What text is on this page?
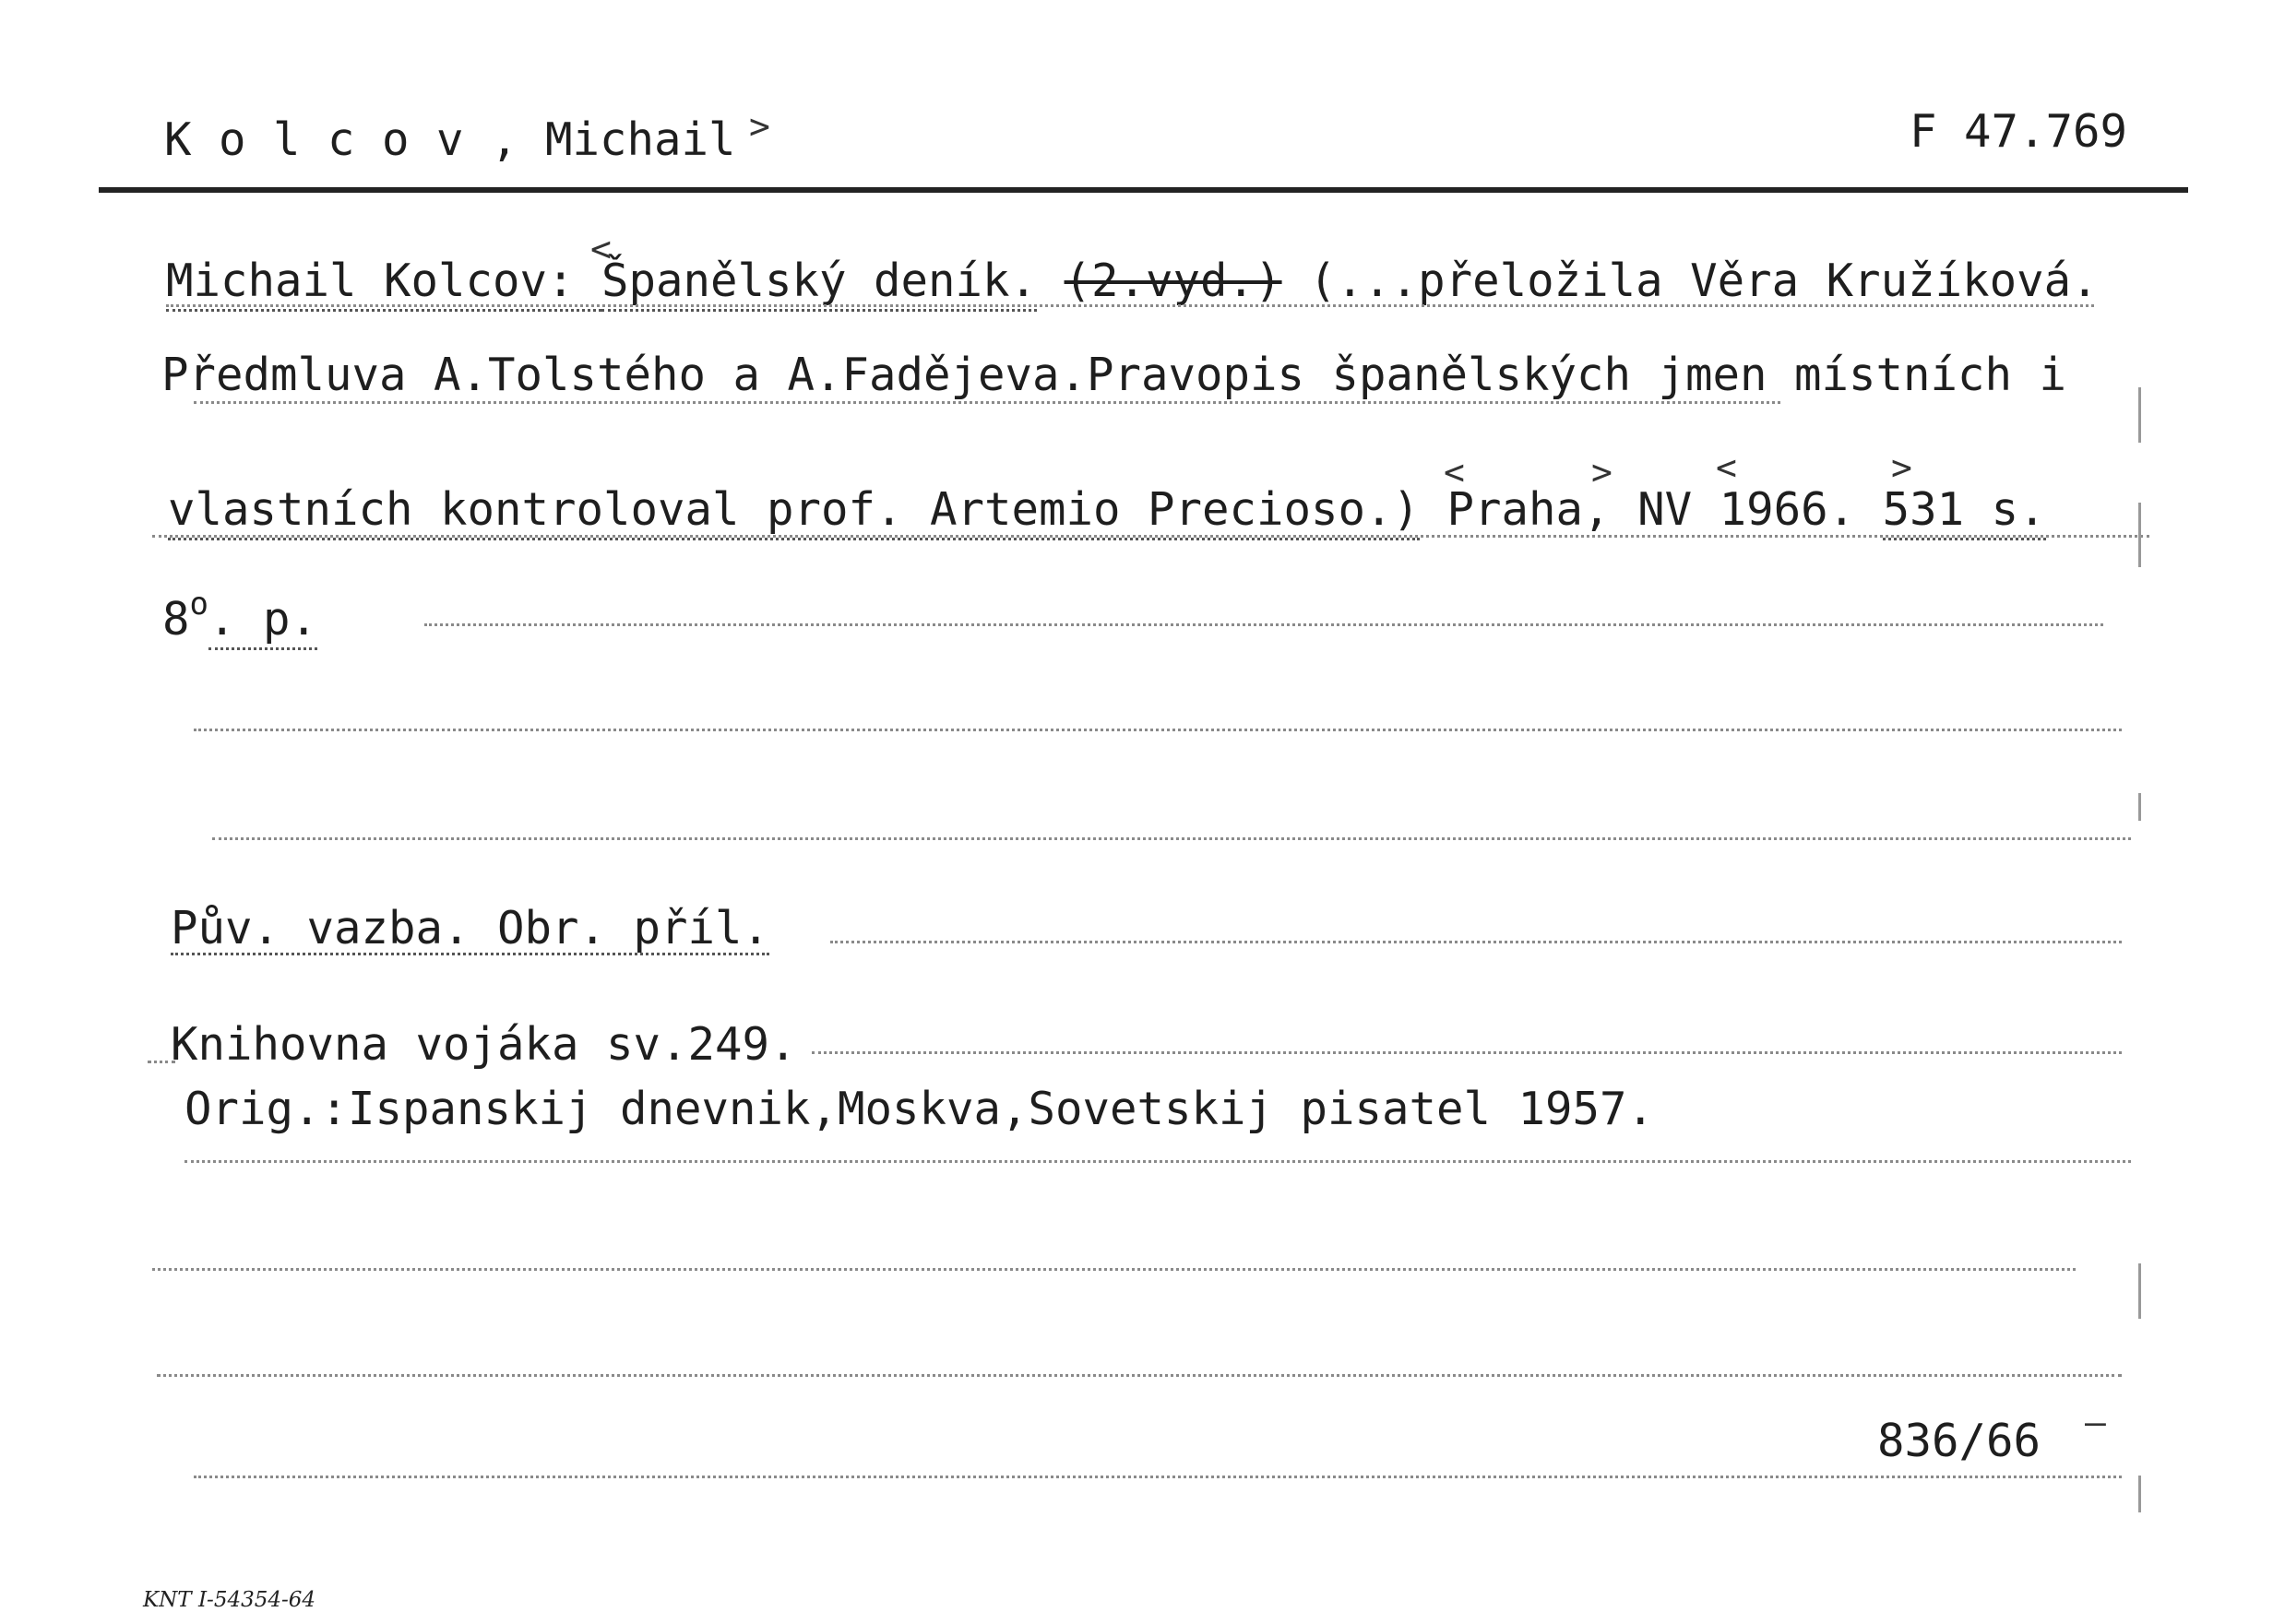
K o l c o v , Michail >	F 47.769
Michail Kolcov: Španělský deník. (2.vyd.) (...přeložila Věra Kružíková.
<
Předmluva A.Tolstého a A.Fadějeva.Pravopis španělských jmen místních i
vlastních kontroloval prof. Artemio Precioso.) Praha, NV 1966. 531 s.
<	>	<	>
$8^o$. p.
Pův. vazba. Obr. příl.
Knihovna vojáka sv.249.
Orig.:Ispanskij dnevnik,Moskva,Sovetskij pisatel 1957.
836/66 —
KNT I-54354-64
